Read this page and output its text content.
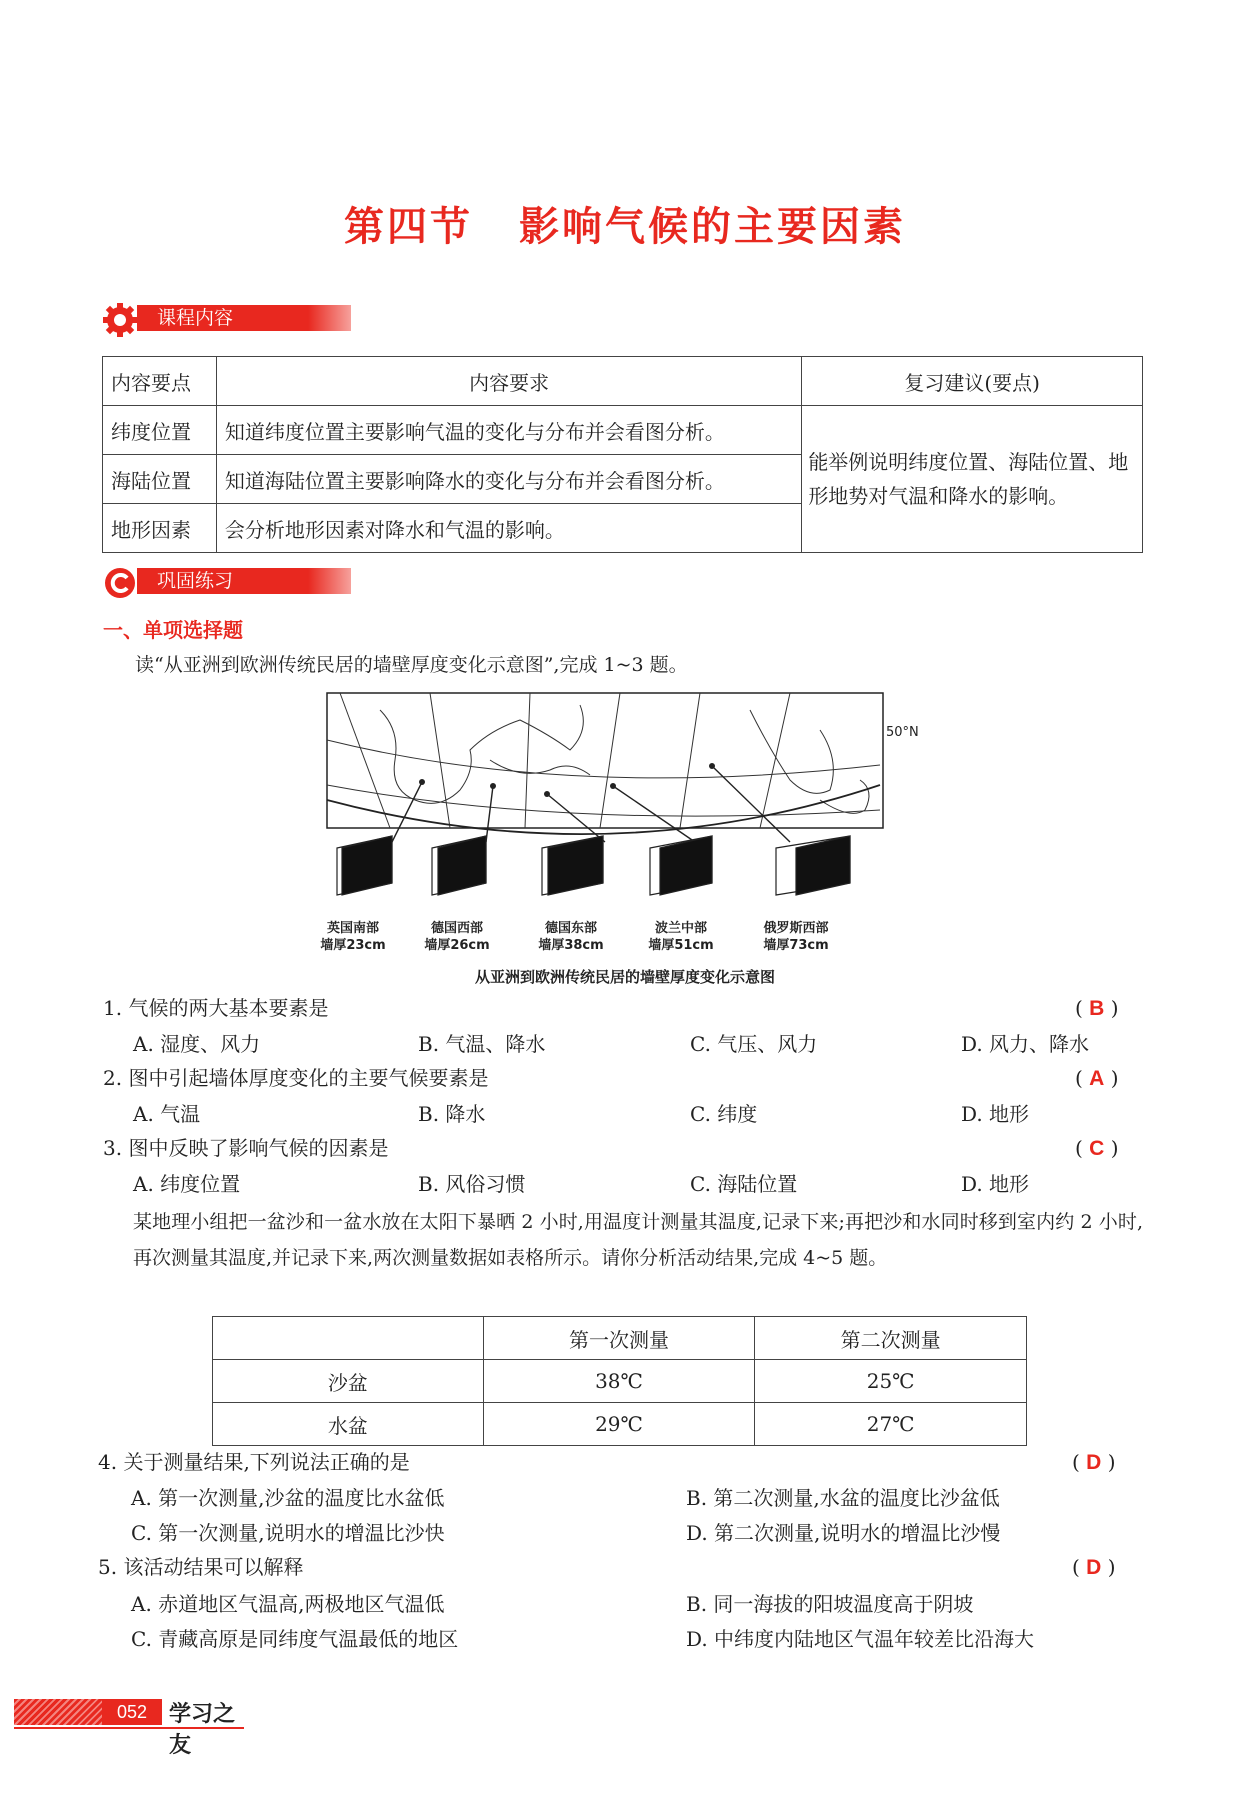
第四节 影响气候的主要因素
课程内容
内容要点	内容要求	复习建议(要点)
纬度位置	知道纬度位置主要影响气温的变化与分布并会看图分析。	能举例说明纬度位置、海陆位置、地形地势对气温和降水的影响。
海陆位置	知道海陆位置主要影响降水的变化与分布并会看图分析。	
地形因素	会分析地形因素对降水和气温的影响。	
巩固练习
一、单项选择题
读“从亚洲到欧洲传统民居的墙壁厚度变化示意图”,完成 1~3 题。
50°N
英国南部
墙厚23cm
德国西部
墙厚26cm
德国东部
墙厚38cm
波兰中部
墙厚51cm
俄罗斯西部
墙厚73cm
从亚洲到欧洲传统民居的墙壁厚度变化示意图
1. 气候的两大基本要素是	( B )
A. 湿度、风力	B. 气温、降水	C. 气压、风力	D. 风力、降水
2. 图中引起墙体厚度变化的主要气候要素是	( A )
A. 气温	B. 降水	C. 纬度	D. 地形
3. 图中反映了影响气候的因素是	( C )
A. 纬度位置	B. 风俗习惯	C. 海陆位置	D. 地形
某地理小组把一盆沙和一盆水放在太阳下暴晒 2 小时,用温度计测量其温度,记录下来;再把沙和水同时移到室内约 2 小时,再次测量其温度,并记录下来,两次测量数据如表格所示。请你分析活动结果,完成 4~5 题。
	第一次测量	第二次测量
沙盆	38℃	25℃
水盆	29℃	27℃
4. 关于测量结果,下列说法正确的是	( D )
A. 第一次测量,沙盆的温度比水盆低	B. 第二次测量,水盆的温度比沙盆低
C. 第一次测量,说明水的增温比沙快	D. 第二次测量,说明水的增温比沙慢
5. 该活动结果可以解释	( D )
A. 赤道地区气温高,两极地区气温低	B. 同一海拔的阳坡温度高于阴坡
C. 青藏高原是同纬度气温最低的地区	D. 中纬度内陆地区气温年较差比沿海大
052 学习之友
